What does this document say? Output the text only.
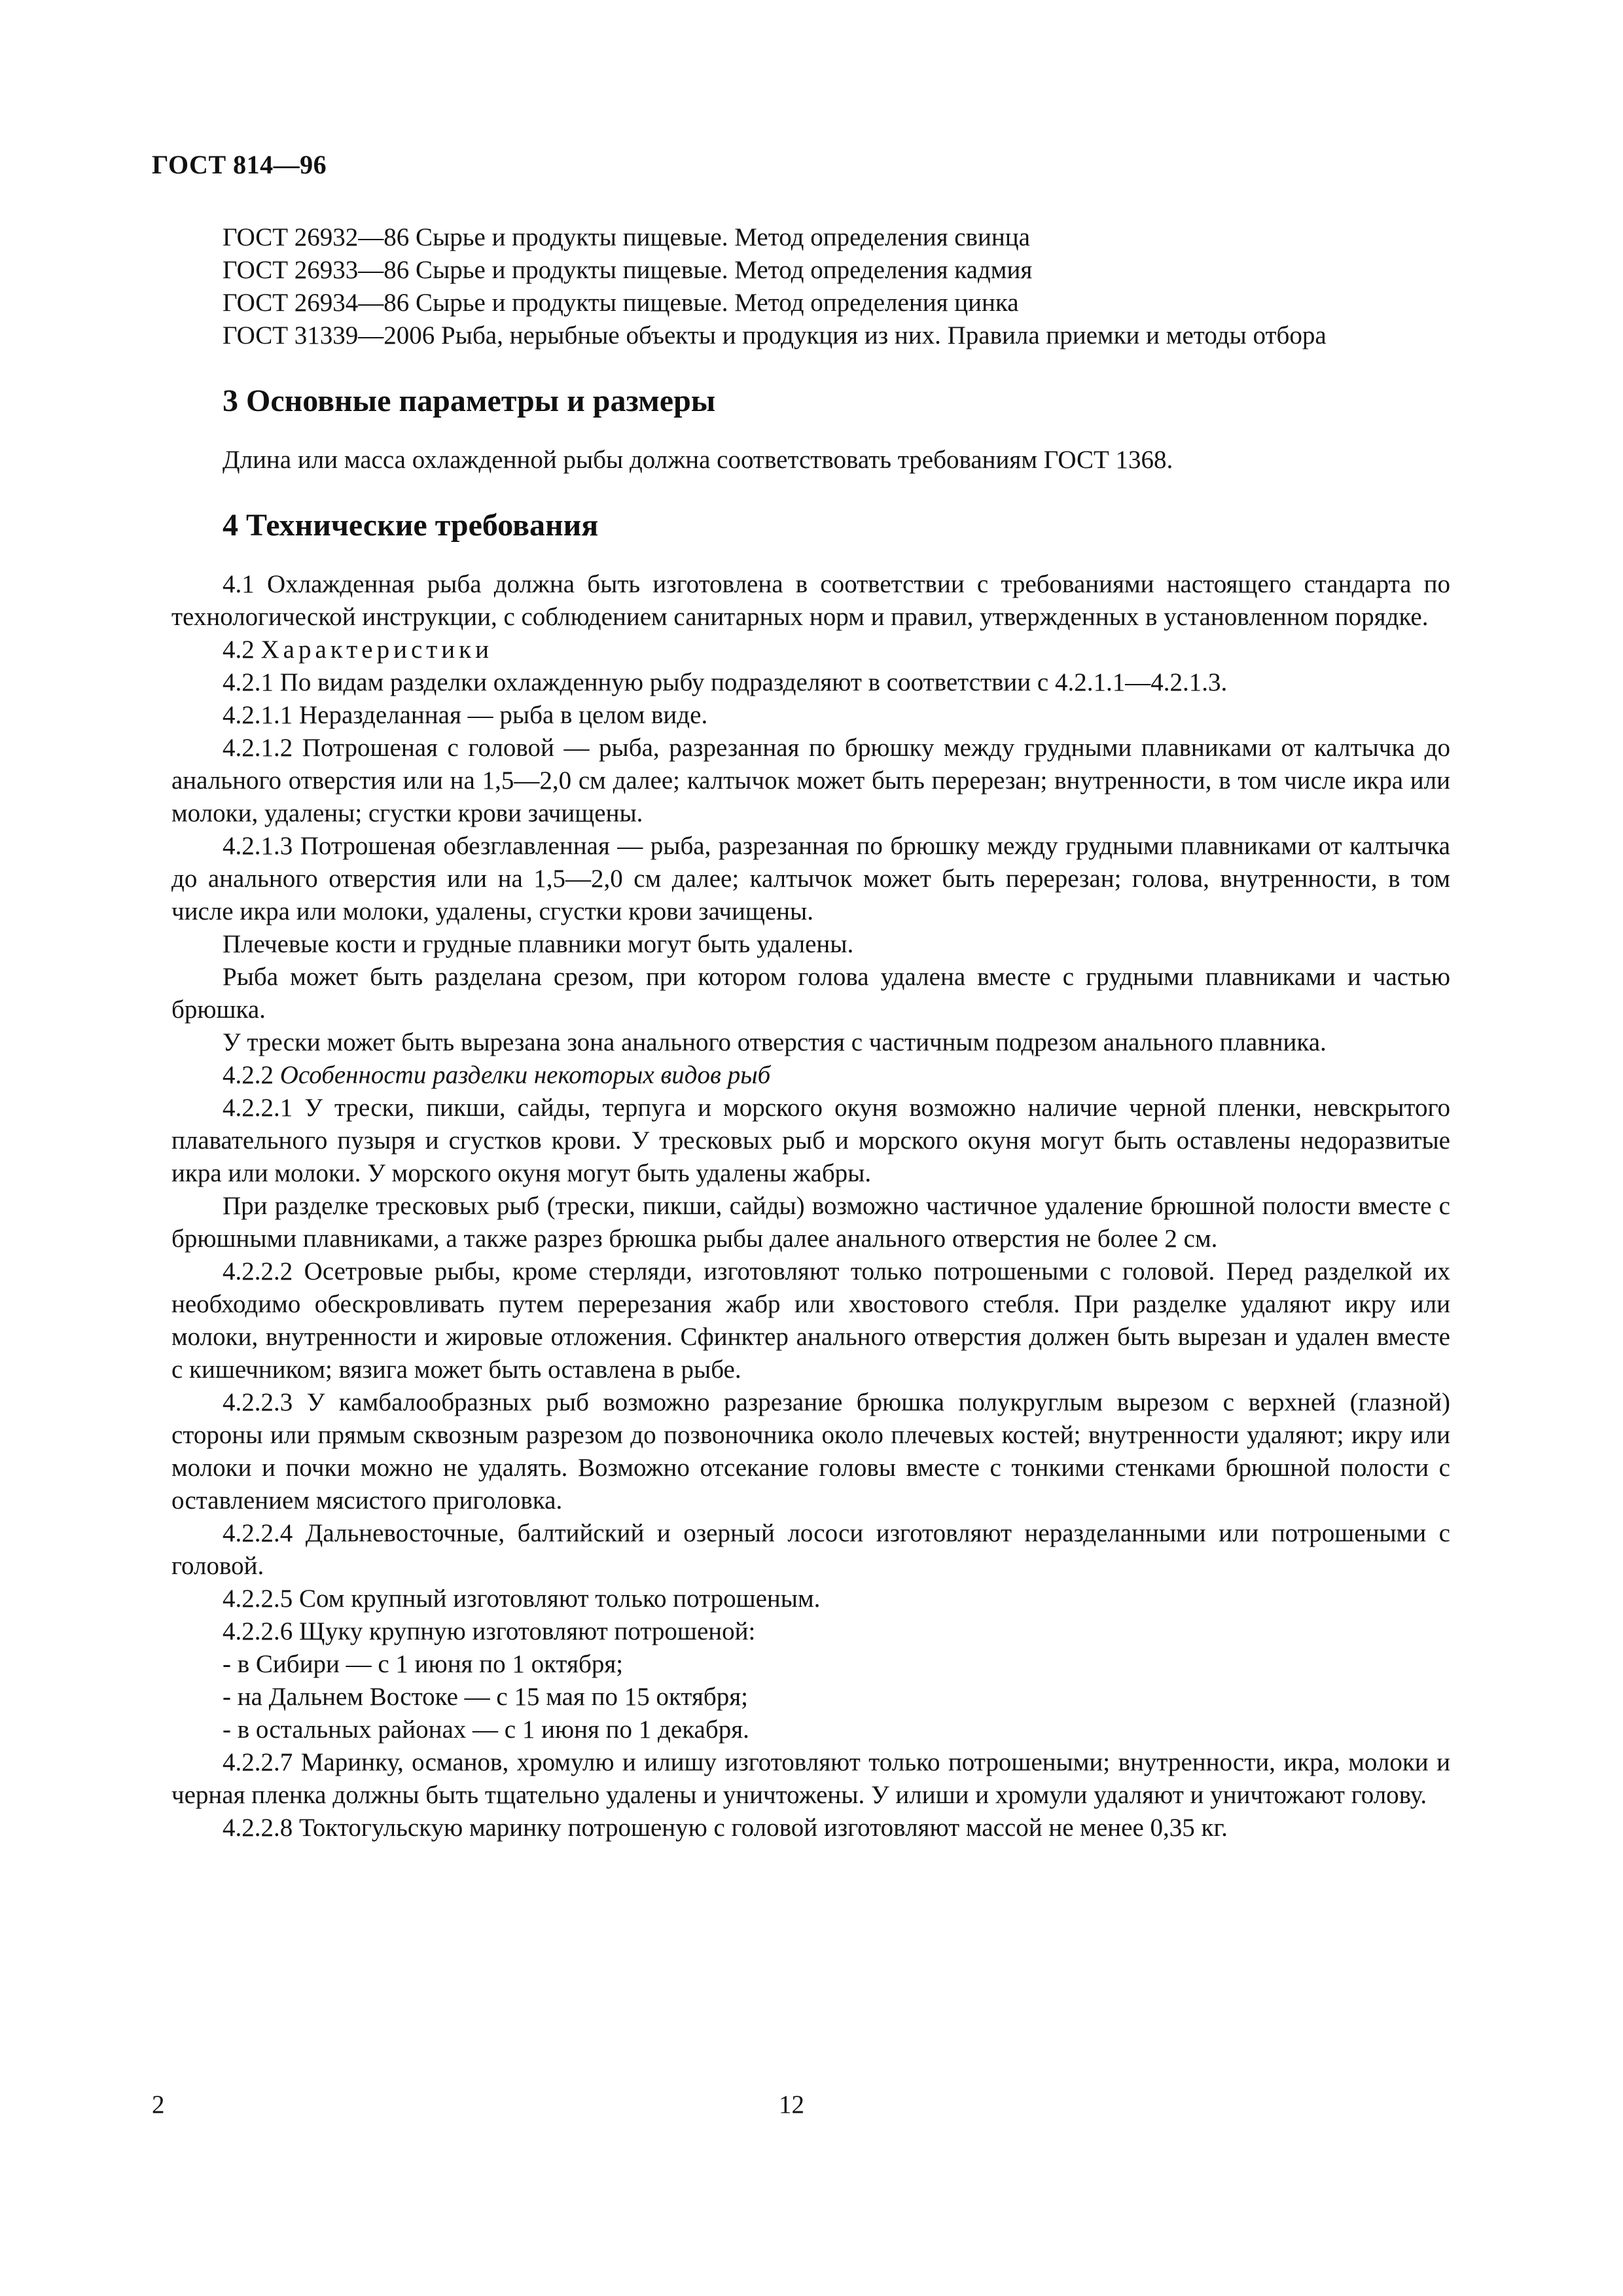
ГОСТ 814—96

ГОСТ 26932—86 Сырье и продукты пищевые. Метод определения свинца

ГОСТ 26933—86 Сырье и продукты пищевые. Метод определения кадмия

ГОСТ 26934—86 Сырье и продукты пищевые. Метод определения цинка

ГОСТ 31339—2006 Рыба, нерыбные объекты и продукция из них. Правила приемки и методы отбора

3 Основные параметры и размеры

Длина или масса охлажденной рыбы должна соответствовать требованиям ГОСТ 1368.

4 Технические требования

4.1 Охлажденная рыба должна быть изготовлена в соответствии с требованиями настоящего стандарта по технологической инструкции, с соблюдением санитарных норм и правил, утвержденных в установленном порядке.

4.2 Характеристики

4.2.1 По видам разделки охлажденную рыбу подразделяют в соответствии с 4.2.1.1—4.2.1.3.

4.2.1.1 Неразделанная — рыба в целом виде.

4.2.1.2 Потрошеная с головой — рыба, разрезанная по брюшку между грудными плавниками от калтычка до анального отверстия или на 1,5—2,0 см далее; калтычок может быть перерезан; внутренности, в том числе икра или молоки, удалены; сгустки крови зачищены.

4.2.1.3 Потрошеная обезглавленная — рыба, разрезанная по брюшку между грудными плавниками от калтычка до анального отверстия или на 1,5—2,0 см далее; калтычок может быть перерезан; голова, внутренности, в том числе икра или молоки, удалены, сгустки крови зачищены.

Плечевые кости и грудные плавники могут быть удалены.

Рыба может быть разделана срезом, при котором голова удалена вместе с грудными плавниками и частью брюшка.

У трески может быть вырезана зона анального отверстия с частичным подрезом анального плавника.

4.2.2 Особенности разделки некоторых видов рыб

4.2.2.1 У трески, пикши, сайды, терпуга и морского окуня возможно наличие черной пленки, невскрытого плавательного пузыря и сгустков крови. У тресковых рыб и морского окуня могут быть оставлены недоразвитые икра или молоки. У морского окуня могут быть удалены жабры.

При разделке тресковых рыб (трески, пикши, сайды) возможно частичное удаление брюшной полости вместе с брюшными плавниками, а также разрез брюшка рыбы далее анального отверстия не более 2 см.

4.2.2.2 Осетровые рыбы, кроме стерляди, изготовляют только потрошеными с головой. Перед разделкой их необходимо обескровливать путем перерезания жабр или хвостового стебля. При разделке удаляют икру или молоки, внутренности и жировые отложения. Сфинктер анального отверстия должен быть вырезан и удален вместе с кишечником; вязига может быть оставлена в рыбе.

4.2.2.3 У камбалообразных рыб возможно разрезание брюшка полукруглым вырезом с верхней (глазной) стороны или прямым сквозным разрезом до позвоночника около плечевых костей; внутренности удаляют; икру или молоки и почки можно не удалять. Возможно отсекание головы вместе с тонкими стенками брюшной полости с оставлением мясистого приголовка.

4.2.2.4 Дальневосточные, балтийский и озерный лососи изготовляют неразделанными или потрошеными с головой.

4.2.2.5 Сом крупный изготовляют только потрошеным.

4.2.2.6 Щуку крупную изготовляют потрошеной:

- в Сибири — с 1 июня по 1 октября;

- на Дальнем Востоке — с 15 мая по 15 октября;

- в остальных районах — с 1 июня по 1 декабря.

4.2.2.7 Маринку, османов, хромулю и илишу изготовляют только потрошеными; внутренности, икра, молоки и черная пленка должны быть тщательно удалены и уничтожены. У илиши и хромули удаляют и уничтожают голову.

4.2.2.8 Токтогульскую маринку потрошеную с головой изготовляют массой не менее 0,35 кг.

2	12
